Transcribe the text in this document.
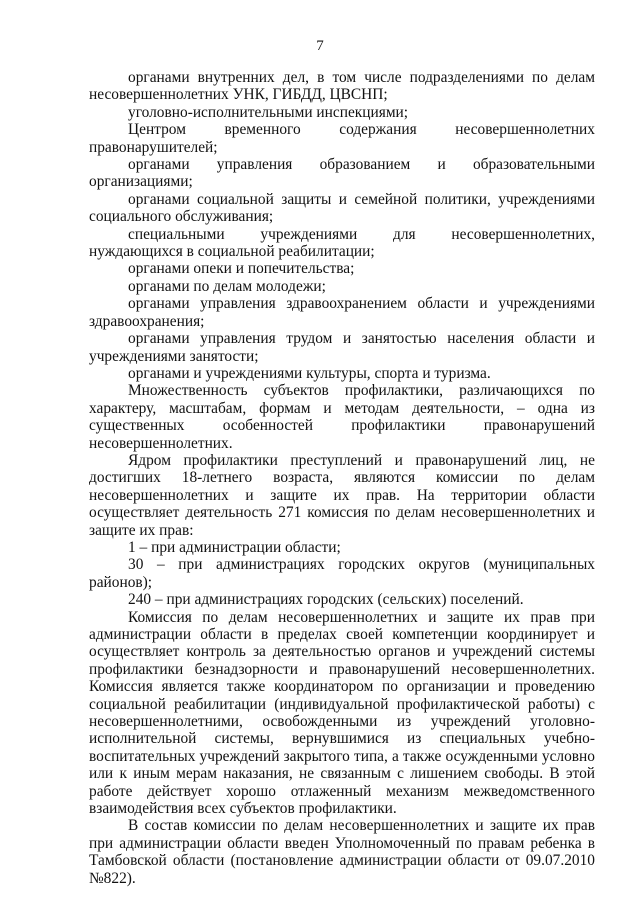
7

органами внутренних дел, в том числе подразделениями по делам несовершеннолетних УНК, ГИБДД, ЦВСНП;

уголовно-исполнительными инспекциями;

Центром временного содержания несовершеннолетних правонарушителей;

органами управления образованием и образовательными организациями;

органами социальной защиты и семейной политики, учреждениями социального обслуживания;

специальными учреждениями для несовершеннолетних, нуждающихся в социальной реабилитации;

органами опеки и попечительства;

органами по делам молодежи;

органами управления здравоохранением области и учреждениями здравоохранения;

органами управления трудом и занятостью населения области и учреждениями занятости;

органами и учреждениями культуры, спорта и туризма.

Множественность субъектов профилактики, различающихся по характеру, масштабам, формам и методам деятельности, – одна из существенных особенностей профилактики правонарушений несовершеннолетних.

Ядром профилактики преступлений и правонарушений лиц, не достигших 18-летнего возраста, являются комиссии по делам несовершеннолетних и защите их прав. На территории области осуществляет деятельность 271 комиссия по делам несовершеннолетних и защите их прав:

1 – при администрации области;

30 – при администрациях городских округов (муниципальных районов);

240 – при администрациях городских (сельских) поселений.

Комиссия по делам несовершеннолетних и защите их прав при администрации области в пределах своей компетенции координирует и осуществляет контроль за деятельностью органов и учреждений системы профилактики безнадзорности и правонарушений несовершеннолетних. Комиссия является также координатором по организации и проведению социальной реабилитации (индивидуальной профилактической работы) с несовершеннолетними, освобожденными из учреждений уголовно-исполнительной системы, вернувшимися из специальных учебно-воспитательных учреждений закрытого типа, а также осужденными условно или к иным мерам наказания, не связанным с лишением свободы. В этой работе действует хорошо отлаженный механизм межведомственного взаимодействия всех субъектов профилактики.

В состав комиссии по делам несовершеннолетних и защите их прав при администрации области введен Уполномоченный по правам ребенка в Тамбовской области (постановление администрации области от 09.07.2010 №822).
